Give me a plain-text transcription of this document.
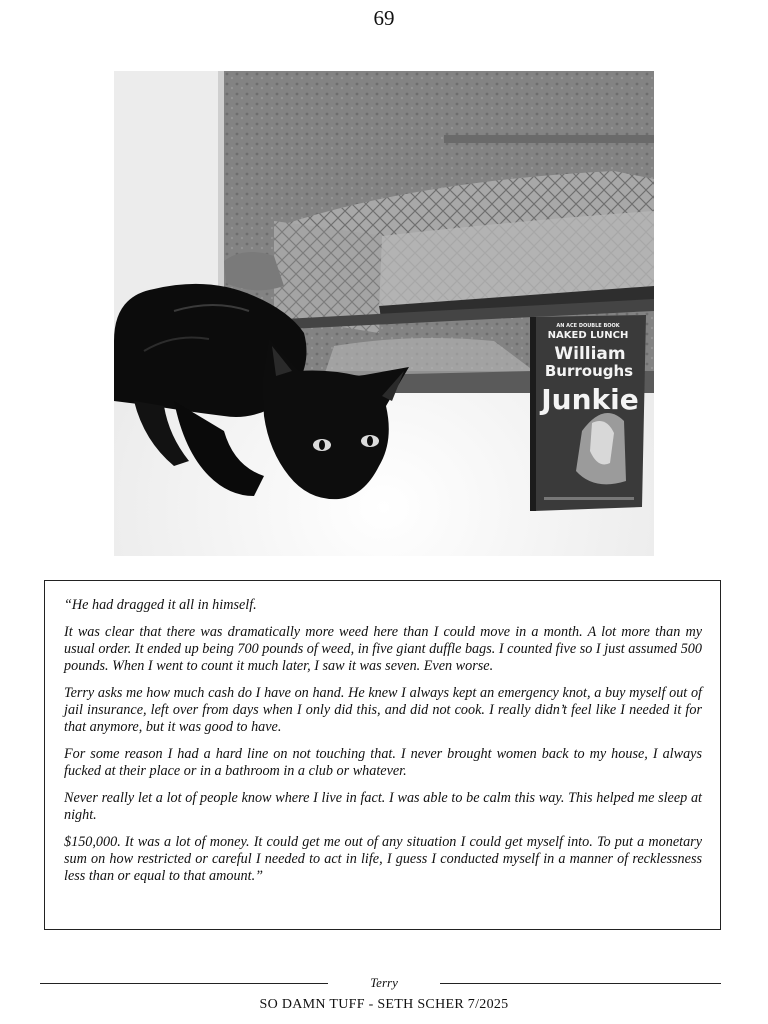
69
AN ACE DOUBLE BOOK
NAKED LUNCH
William
Burroughs
Junkie

“He had dragged it all in himself.

It was clear that there was dramatically more weed here than I could move in a month. A lot more than my usual order. It ended up being 700 pounds of weed, in five giant duffle bags. I counted five so I just assumed 500 pounds. When I went to count it much later, I saw it was seven. Even worse.

Terry asks me how much cash do I have on hand. He knew I always kept an emergency knot, a buy myself out of jail insurance, left over from days when I only did this, and did not cook. I really didn’t feel like I needed it for that anymore, but it was good to have.

For some reason I had a hard line on not touching that. I never brought women back to my house, I always fucked at their place or in a bathroom in a club or whatever.

Never really let a lot of people know where I live in fact. I was able to be calm this way. This helped me sleep at night.

$150,000. It was a lot of money. It could get me out of any situation I could get myself into. To put a monetary sum on how restricted or careful I needed to act in life, I guess I conducted myself in a manner of recklessness less than or equal to that amount.”

Terry
SO DAMN TUFF - SETH SCHER 7/2025
